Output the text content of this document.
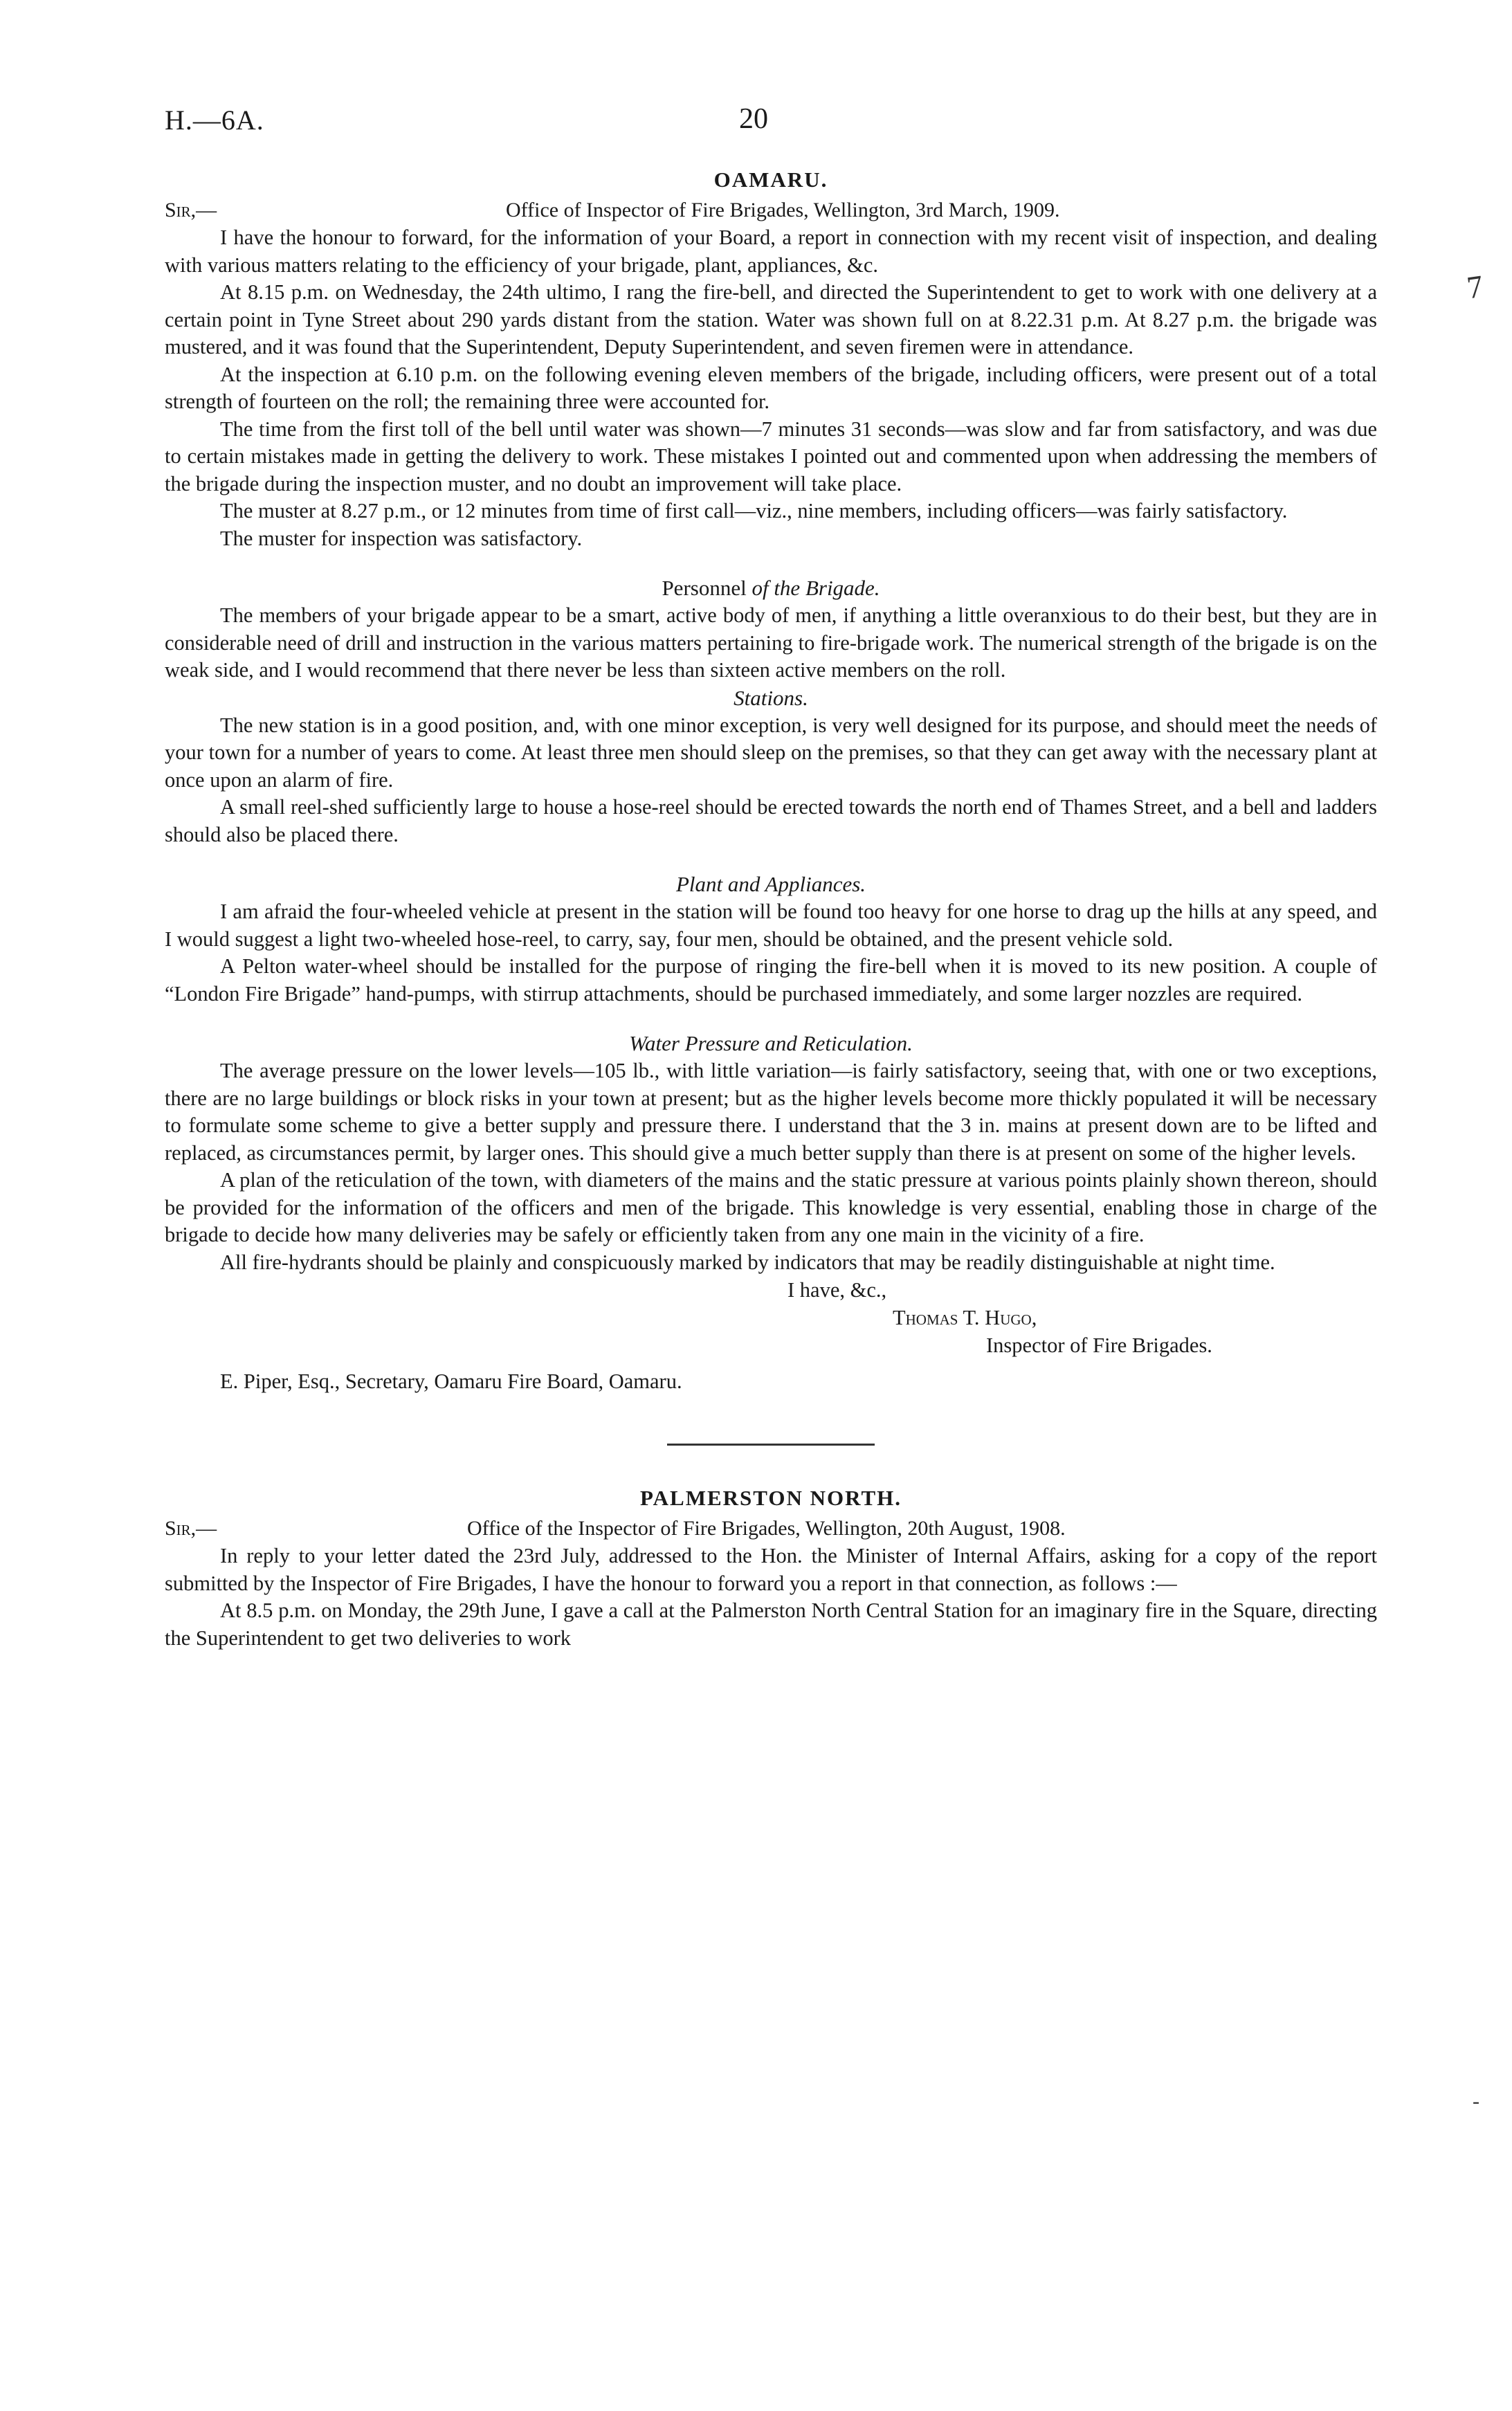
7
-
H.—6A.	20
OAMARU.
Sir,—	Office of Inspector of Fire Brigades, Wellington, 3rd March, 1909.

I have the honour to forward, for the information of your Board, a report in connection with my recent visit of inspection, and dealing with various matters relating to the efficiency of your brigade, plant, appliances, &c.

At 8.15 p.m. on Wednesday, the 24th ultimo, I rang the fire-bell, and directed the Superintendent to get to work with one delivery at a certain point in Tyne Street about 290 yards distant from the station. Water was shown full on at 8.22.31 p.m. At 8.27 p.m. the brigade was mustered, and it was found that the Superintendent, Deputy Superintendent, and seven firemen were in attendance.

At the inspection at 6.10 p.m. on the following evening eleven members of the brigade, including officers, were present out of a total strength of fourteen on the roll; the remaining three were accounted for.

The time from the first toll of the bell until water was shown—7 minutes 31 seconds—was slow and far from satisfactory, and was due to certain mistakes made in getting the delivery to work. These mistakes I pointed out and commented upon when addressing the members of the brigade during the inspection muster, and no doubt an improvement will take place.

The muster at 8.27 p.m., or 12 minutes from time of first call—viz., nine members, including officers—was fairly satisfactory.

The muster for inspection was satisfactory.

Personnel of the Brigade.

The members of your brigade appear to be a smart, active body of men, if anything a little overanxious to do their best, but they are in considerable need of drill and instruction in the various matters pertaining to fire-brigade work. The numerical strength of the brigade is on the weak side, and I would recommend that there never be less than sixteen active members on the roll.

Stations.

The new station is in a good position, and, with one minor exception, is very well designed for its purpose, and should meet the needs of your town for a number of years to come. At least three men should sleep on the premises, so that they can get away with the necessary plant at once upon an alarm of fire.

A small reel-shed sufficiently large to house a hose-reel should be erected towards the north end of Thames Street, and a bell and ladders should also be placed there.

Plant and Appliances.

I am afraid the four-wheeled vehicle at present in the station will be found too heavy for one horse to drag up the hills at any speed, and I would suggest a light two-wheeled hose-reel, to carry, say, four men, should be obtained, and the present vehicle sold.

A Pelton water-wheel should be installed for the purpose of ringing the fire-bell when it is moved to its new position. A couple of “London Fire Brigade” hand-pumps, with stirrup attachments, should be purchased immediately, and some larger nozzles are required.

Water Pressure and Reticulation.

The average pressure on the lower levels—105 lb., with little variation—is fairly satisfactory, seeing that, with one or two exceptions, there are no large buildings or block risks in your town at present; but as the higher levels become more thickly populated it will be necessary to formulate some scheme to give a better supply and pressure there. I understand that the 3 in. mains at present down are to be lifted and replaced, as circumstances permit, by larger ones. This should give a much better supply than there is at present on some of the higher levels.

A plan of the reticulation of the town, with diameters of the mains and the static pressure at various points plainly shown thereon, should be provided for the information of the officers and men of the brigade. This knowledge is very essential, enabling those in charge of the brigade to decide how many deliveries may be safely or efficiently taken from any one main in the vicinity of a fire.

All fire-hydrants should be plainly and conspicuously marked by indicators that may be readily distinguishable at night time.

I have, &c.,
Thomas T. Hugo,
Inspector of Fire Brigades.
E. Piper, Esq., Secretary, Oamaru Fire Board, Oamaru.
PALMERSTON NORTH.
Sir,—	Office of the Inspector of Fire Brigades, Wellington, 20th August, 1908.

In reply to your letter dated the 23rd July, addressed to the Hon. the Minister of Internal Affairs, asking for a copy of the report submitted by the Inspector of Fire Brigades, I have the honour to forward you a report in that connection, as follows :—

At 8.5 p.m. on Monday, the 29th June, I gave a call at the Palmerston North Central Station for an imaginary fire in the Square, directing the Superintendent to get two deliveries to work
